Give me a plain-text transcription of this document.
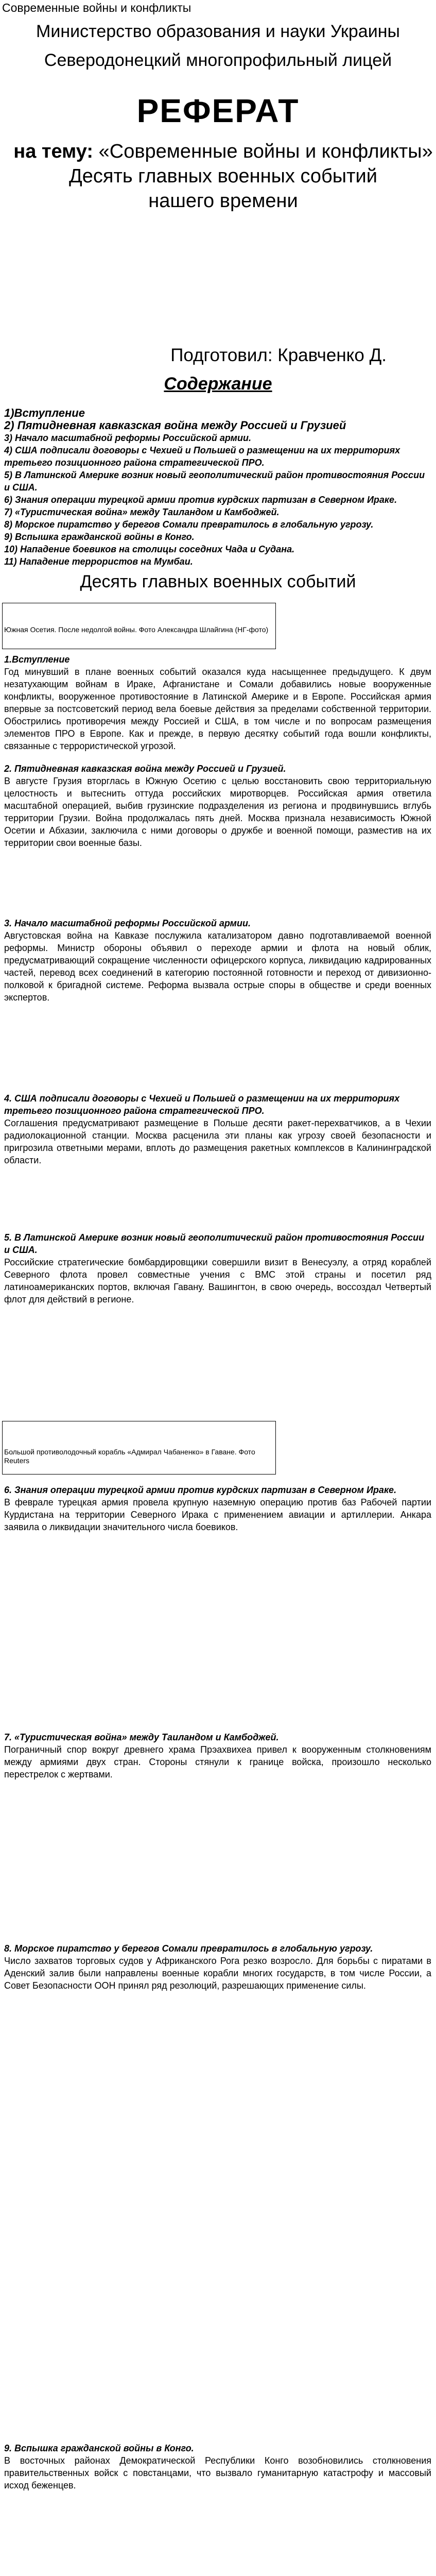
Современные войны и конфликты
Министерство образования и науки Украины
Северодонецкий многопрофильный лицей
РЕФЕРАТ
на тему: «Современные войны и конфликты»
Десять главных военных событий
нашего времени
Подготовил: Кравченко Д.
Содержание
1)Вступление
2) Пятидневная кавказская война между Россией и Грузией
3) Начало масштабной реформы Российской армии.
4) США подписали договоры с Чехией и Польшей о размещении на их территориях третьего позиционного района стратегической ПРО.
5) В Латинской Америке возник новый геополитический район противостояния России и США.
6) Знания операции турецкой армии против курдских партизан в Северном Ираке.
7) «Туристическая война» между Таиландом и Камбоджей.
8) Морское пиратство у берегов Сомали превратилось в глобальную угрозу.
9) Вспышка гражданской войны в Конго.
10) Нападение боевиков на столицы соседних Чада и Судана.
11) Нападение террористов на Мумбаи.
Десять главных военных событий
Южная Осетия. После недолгой войны. Фото Александра Шлайгина (НГ-фото)
1.Вступление

Год минувший в плане военных событий оказался куда насыщеннее предыдущего. К двум незатухающим войнам в Ираке, Афганистане и Сомали добавились новые вооруженные конфликты, вооруженное противостояние в Латинской Америке и в Европе. Российская армия впервые за постсоветский период вела боевые действия за пределами собственной территории. Обострились противоречия между Россией и США, в том числе и по вопросам размещения элементов ПРО в Европе. Как и прежде, в первую десятку событий года вошли конфликты, связанные с террористической угрозой.

2. Пятидневная кавказская война между Россией и Грузией.

В августе Грузия вторглась в Южную Осетию с целью восстановить свою территориальную целостность и вытеснить оттуда российских миротворцев. Российская армия ответила масштабной операцией, выбив грузинские подразделения из региона и продвинувшись вглубь территории Грузии. Война продолжалась пять дней. Москва признала независимость Южной Осетии и Абхазии, заключила с ними договоры о дружбе и военной помощи, разместив на их территории свои военные базы.

3. Начало масштабной реформы Российской армии.

Августовская война на Кавказе послужила катализатором давно подготавливаемой военной реформы. Министр обороны объявил о переходе армии и флота на новый облик, предусматривающий сокращение численности офицерского корпуса, ликвидацию кадрированных частей, перевод всех соединений в категорию постоянной готовности и переход от дивизионно-полковой к бригадной системе. Реформа вызвала острые споры в обществе и среди военных экспертов.

4. США подписали договоры с Чехией и Польшей о размещении на их территориях третьего позиционного района стратегической ПРО.

Соглашения предусматривают размещение в Польше десяти ракет-перехватчиков, а в Чехии радиолокационной станции. Москва расценила эти планы как угрозу своей безопасности и пригрозила ответными мерами, вплоть до размещения ракетных комплексов в Калининградской области.

5. В Латинской Америке возник новый геополитический район противостояния России и США.

Российские стратегические бомбардировщики совершили визит в Венесуэлу, а отряд кораблей Северного флота провел совместные учения с ВМС этой страны и посетил ряд латиноамериканских портов, включая Гавану. Вашингтон, в свою очередь, воссоздал Четвертый флот для действий в регионе.

Большой противолодочный корабль «Адмирал Чабаненко» в Гаване. Фото Reuters
6. Знания операции турецкой армии против курдских партизан в Северном Ираке.

В феврале турецкая армия провела крупную наземную операцию против баз Рабочей партии Курдистана на территории Северного Ирака с применением авиации и артиллерии. Анкара заявила о ликвидации значительного числа боевиков.

7. «Туристическая война» между Таиландом и Камбоджей.

Пограничный спор вокруг древнего храма Прэахвихеа привел к вооруженным столкновениям между армиями двух стран. Стороны стянули к границе войска, произошло несколько перестрелок с жертвами.

8. Морское пиратство у берегов Сомали превратилось в глобальную угрозу.

Число захватов торговых судов у Африканского Рога резко возросло. Для борьбы с пиратами в Аденский залив были направлены военные корабли многих государств, в том числе России, а Совет Безопасности ООН принял ряд резолюций, разрешающих применение силы.

9. Вспышка гражданской войны в Конго.

В восточных районах Демократической Республики Конго возобновились столкновения правительственных войск с повстанцами, что вызвало гуманитарную катастрофу и массовый исход беженцев.
